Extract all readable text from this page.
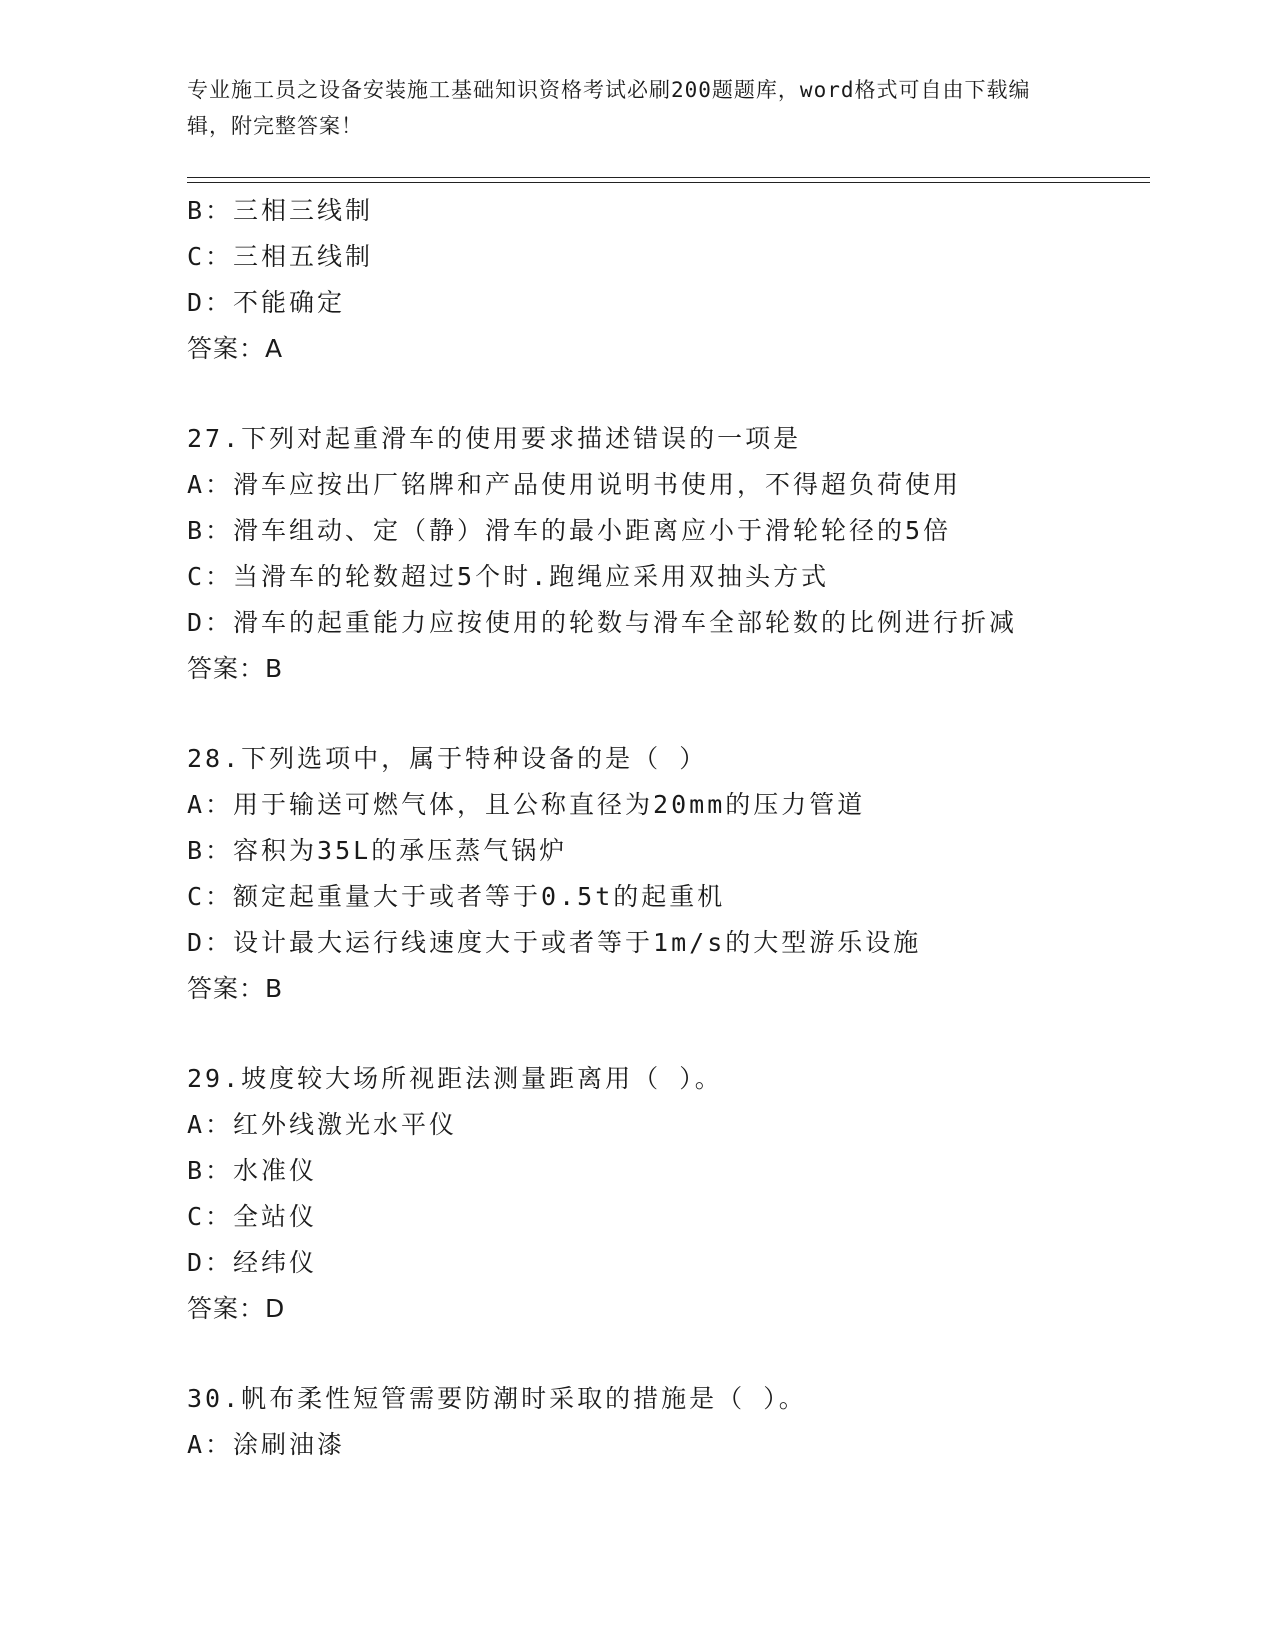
专业施工员之设备安装施工基础知识资格考试必刷200题题库，word格式可自由下载编辑，附完整答案！
B：三相三线制
C：三相五线制
D：不能确定
答案：A
27.下列对起重滑车的使用要求描述错误的一项是
A：滑车应按出厂铭牌和产品使用说明书使用，不得超负荷使用
B：滑车组动、定（静）滑车的最小距离应小于滑轮轮径的5倍
C：当滑车的轮数超过5个时.跑绳应采用双抽头方式
D：滑车的起重能力应按使用的轮数与滑车全部轮数的比例进行折减
答案：B
28.下列选项中，属于特种设备的是（ ）
A：用于输送可燃气体，且公称直径为20mm的压力管道
B：容积为35L的承压蒸气锅炉
C：额定起重量大于或者等于0.5t的起重机
D：设计最大运行线速度大于或者等于1m/s的大型游乐设施
答案：B
29.坡度较大场所视距法测量距离用（ ）。
A：红外线激光水平仪
B：水准仪
C：全站仪
D：经纬仪
答案：D
30.帆布柔性短管需要防潮时采取的措施是（ ）。
A：涂刷油漆
